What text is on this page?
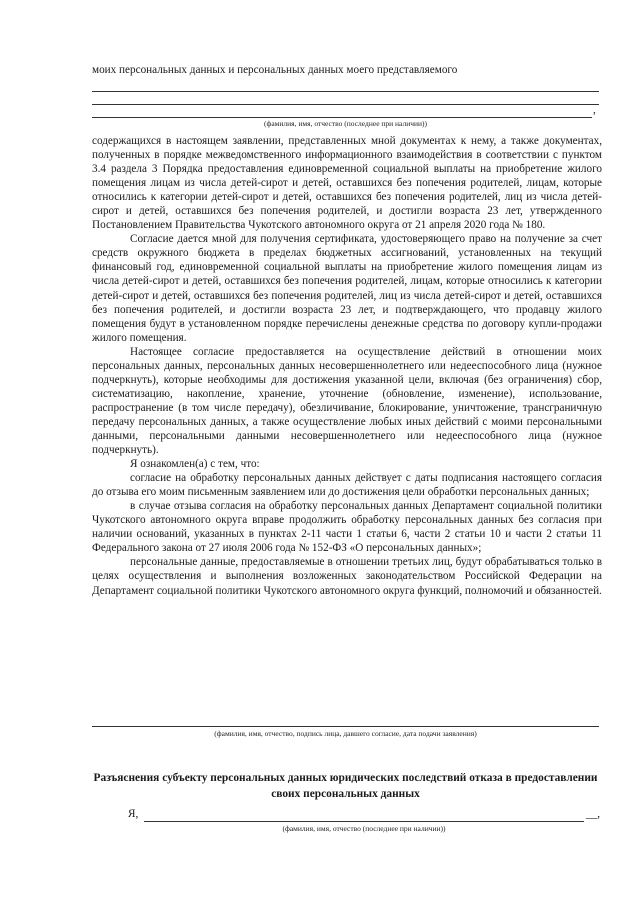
моих персональных данных и персональных данных моего представляемого
,
(фамилия, имя, отчество (последнее при наличии))

содержащихся в настоящем заявлении, представленных мной документах к нему, а также документах, полученных в порядке межведомственного информационного взаимодействия в соответствии с пунктом 3.4 раздела 3 Порядка предоставления единовременной социальной выплаты на приобретение жилого помещения лицам из числа детей-сирот и детей, оставшихся без попечения родителей, лицам, которые относились к категории детей-сирот и детей, оставшихся без попечения родителей, лиц из числа детей-сирот и детей, оставшихся без попечения родителей, и достигли возраста 23 лет, утвержденного Постановлением Правительства Чукотского автономного округа от 21 апреля 2020 года № 180.

Согласие дается мной для получения сертификата, удостоверяющего право на получение за счет средств окружного бюджета в пределах бюджетных ассигнований, установленных на текущий финансовый год, единовременной социальной выплаты на приобретение жилого помещения лицам из числа детей-сирот и детей, оставшихся без попечения родителей, лицам, которые относились к категории детей-сирот и детей, оставшихся без попечения родителей, лиц из числа детей-сирот и детей, оставшихся без попечения родителей, и достигли возраста 23 лет, и подтверждающего, что продавцу жилого помещения будут в установленном порядке перечислены денежные средства по договору купли-продажи жилого помещения.

Настоящее согласие предоставляется на осуществление действий в отношении моих персональных данных, персональных данных несовершеннолетнего или недееспособного лица (нужное подчеркнуть), которые необходимы для достижения указанной цели, включая (без ограничения) сбор, систематизацию, накопление, хранение, уточнение (обновление, изменение), использование, распространение (в том числе передачу), обезличивание, блокирование, уничтожение, трансграничную передачу персональных данных, а также осуществление любых иных действий с моими персональными данными, персональными данными несовершеннолетнего или недееспособного лица (нужное подчеркнуть).

Я ознакомлен(а) с тем, что:

согласие на обработку персональных данных действует с даты подписания настоящего согласия до отзыва его моим письменным заявлением или до достижения цели обработки персональных данных;

в случае отзыва согласия на обработку персональных данных Департамент социальной политики Чукотского автономного округа вправе продолжить обработку персональных данных без согласия при наличии оснований, указанных в пунктах 2-11 части 1 статьи 6, части 2 статьи 10 и части 2 статьи 11 Федерального закона от 27 июля 2006 года № 152-ФЗ «О персональных данных»;

персональные данные, предоставляемые в отношении третьих лиц, будут обрабатываться только в целях осуществления и выполнения возложенных законодательством Российской Федерации на Департамент социальной политики Чукотского автономного округа функций, полномочий и обязанностей.

(фамилия, имя, отчество, подпись лица, давшего согласие, дата подачи заявления)
Разъяснения субъекту персональных данных юридических последствий отказа в предоставлении своих персональных данных
Я,	__,
(фамилия, имя, отчество (последнее при наличии))
